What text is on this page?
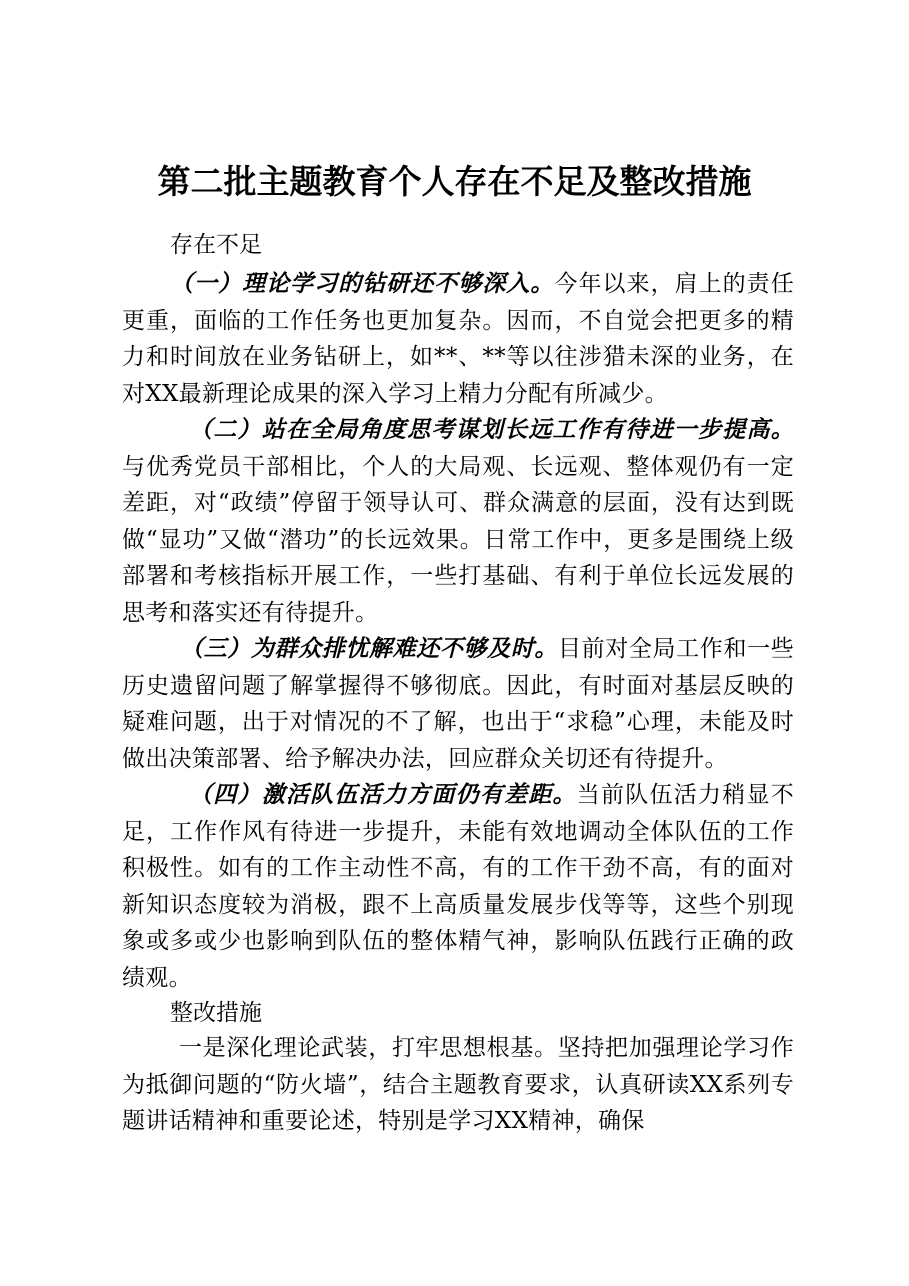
第二批主题教育个人存在不足及整改措施
存在不足

（一）理论学习的钻研还不够深入。今年以来，肩上的责任更重，面临的工作任务也更加复杂。因而，不自觉会把更多的精力和时间放在业务钻研上，如**、**等以往涉猎未深的业务，在对XX最新理论成果的深入学习上精力分配有所减少。

（二）站在全局角度思考谋划长远工作有待进一步提高。与优秀党员干部相比，个人的大局观、长远观、整体观仍有一定差距，对“政绩”停留于领导认可、群众满意的层面，没有达到既做“显功”又做“潜功”的长远效果。日常工作中，更多是围绕上级部署和考核指标开展工作，一些打基础、有利于单位长远发展的思考和落实还有待提升。

（三）为群众排忧解难还不够及时。目前对全局工作和一些历史遗留问题了解掌握得不够彻底。因此，有时面对基层反映的疑难问题，出于对情况的不了解，也出于“求稳”心理，未能及时做出决策部署、给予解决办法，回应群众关切还有待提升。

（四）激活队伍活力方面仍有差距。当前队伍活力稍显不足，工作作风有待进一步提升，未能有效地调动全体队伍的工作积极性。如有的工作主动性不高，有的工作干劲不高，有的面对新知识态度较为消极，跟不上高质量发展步伐等等，这些个别现象或多或少也影响到队伍的整体精气神，影响队伍践行正确的政绩观。

整改措施

一是深化理论武装，打牢思想根基。坚持把加强理论学习作为抵御问题的“防火墙”，结合主题教育要求，认真研读XX系列专题讲话精神和重要论述，特别是学习XX精神，确保
